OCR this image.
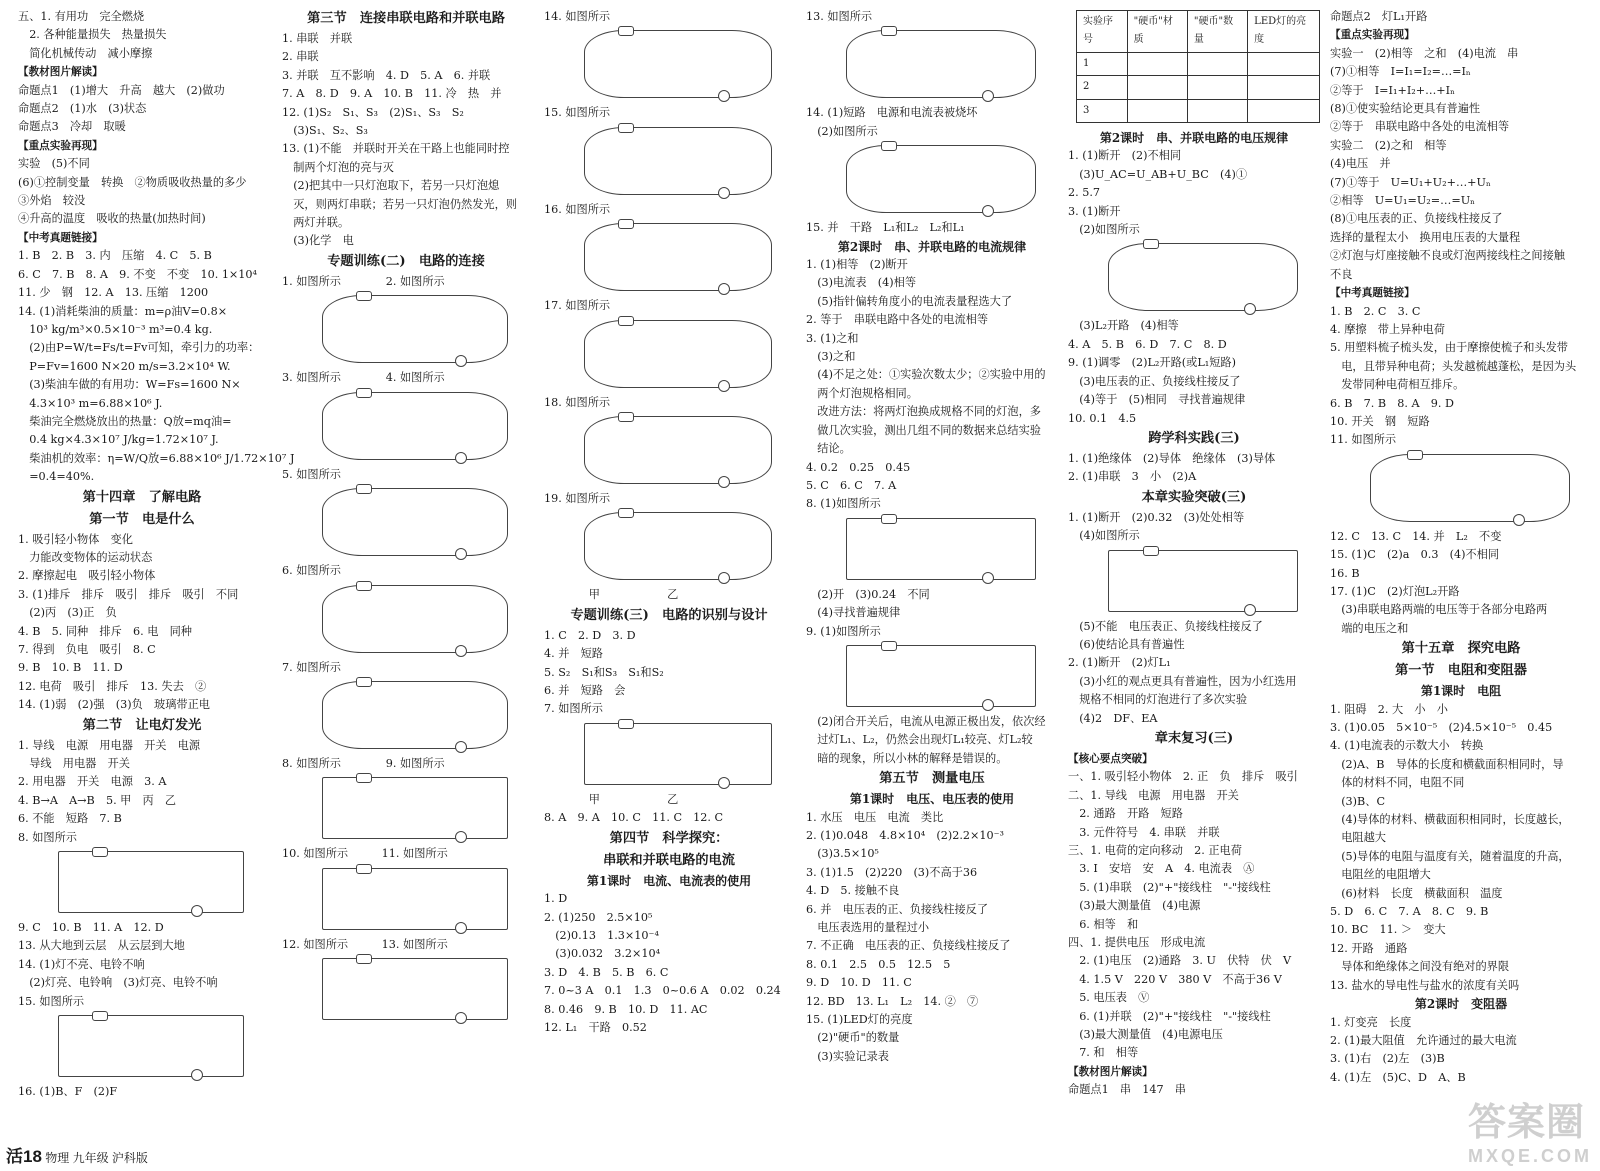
五、1. 有用功　完全燃烧
　2. 各种能量损失　热量损失
　简化机械传动　减小摩擦
【教材图片解读】
命题点1　(1)增大　升高　越大　(2)做功
命题点2　(1)水　(3)状态
命题点3　冷却　取暖
【重点实验再现】
实验　(5)不同
(6)①控制变量　转换　②物质吸收热量的多少
③外焰　较没
④升高的温度　吸收的热量(加热时间)
【中考真题链接】
1. B　2. B　3. 内　压缩　4. C　5. B
6. C　7. B　8. A　9. 不变　不变　10. 1×10⁴
11. 少　钢　12. A　13. 压缩　1200
14. (1)消耗柴油的质量：m=ρ油V=0.8×
　10³ kg/m³×0.5×10⁻³ m³=0.4 kg.
　(2)由P=W/t=Fs/t=Fv可知，牵引力的功率：
　P=Fv=1600 N×20 m/s=3.2×10⁴ W.
　(3)柴油车做的有用功：W=Fs=1600 N×
　4.3×10³ m=6.88×10⁶ J.
　柴油完全燃烧放出的热量：Q放=mq油=
　0.4 kg×4.3×10⁷ J/kg=1.72×10⁷ J.
　柴油机的效率：η=W/Q放=6.88×10⁶ J/1.72×10⁷ J
　=0.4=40%.
第十四章　了解电路
第一节　电是什么
1. 吸引轻小物体　变化
　力能改变物体的运动状态
2. 摩擦起电　吸引轻小物体
3. (1)排斥　排斥　吸引　排斥　吸引　不同
　(2)丙　(3)正　负
4. B　5. 同种　排斥　6. 电　同种
7. 得到　负电　吸引　8. C
9. B　10. B　11. D
12. 电荷　吸引　排斥　13. 失去　②
14. (1)弱　(2)强　(3)负　玻璃带正电
第二节　让电灯发光
1. 导线　电源　用电器　开关　电源
　导线　用电器　开关
2. 用电器　开关　电源　3. A
4. B→A　A→B　5. 甲　丙　乙
6. 不能　短路　7. B
8. 如图所示
9. C　10. B　11. A　12. D
13. 从大地到云层　从云层到大地
14. (1)灯不亮、电铃不响
　(2)灯亮、电铃响　(3)灯亮、电铃不响
15. 如图所示
16. (1)B、F　(2)F
第三节　连接串联电路和并联电路
1. 串联　并联
2. 串联
3. 并联　互不影响　4. D　5. A　6. 并联
7. A　8. D　9. A　10. B　11. 冷　热　并
12. (1)S₂　S₁、S₃　(2)S₁、S₃　S₂
　(3)S₁、S₂、S₃
13. (1)不能　并联时开关在干路上也能同时控
　制两个灯泡的亮与灭
　(2)把其中一只灯泡取下，若另一只灯泡熄
　灭，则两灯串联；若另一只灯泡仍然发光，则
　两灯并联。
　(3)化学　电
专题训练(二)　电路的连接
1. 如图所示　　　　2. 如图所示
3. 如图所示　　　　4. 如图所示
5. 如图所示
6. 如图所示
7. 如图所示
8. 如图所示　　　　9. 如图所示
10. 如图所示　　　11. 如图所示
12. 如图所示　　　13. 如图所示
14. 如图所示
15. 如图所示
16. 如图所示
17. 如图所示
18. 如图所示
19. 如图所示
　　　　甲　　　　　　乙
专题训练(三)　电路的识别与设计
1. C　2. D　3. D
4. 并　短路
5. S₂　S₁和S₃　S₁和S₂
6. 并　短路　会
7. 如图所示
　　　　甲　　　　　　乙
8. A　9. A　10. C　11. C　12. C
第四节　科学探究：
串联和并联电路的电流
第1课时　电流、电流表的使用
1. D
2. (1)250　2.5×10⁵
　(2)0.13　1.3×10⁻⁴
　(3)0.032　3.2×10⁴
3. D　4. B　5. B　6. C
7. 0~3 A　0.1　1.3　0~0.6 A　0.02　0.24
8. 0.46　9. B　10. D　11. AC
12. L₁　干路　0.52
13. 如图所示
14. (1)短路　电源和电流表被烧坏
　(2)如图所示
15. 并　干路　L₁和L₂　L₂和L₁
第2课时　串、并联电路的电流规律
1. (1)相等　(2)断开
　(3)电流表　(4)相等
　(5)指针偏转角度小的电流表量程选大了
2. 等于　串联电路中各处的电流相等
3. (1)之和
　(3)之和
　(4)不足之处：①实验次数太少；②实验中用的
　两个灯泡规格相同。
　改进方法：将两灯泡换成规格不同的灯泡，多
　做几次实验，测出几组不同的数据来总结实验
　结论。
4. 0.2　0.25　0.45
5. C　6. C　7. A
8. (1)如图所示
　(2)开　(3)0.24　不同
　(4)寻找普遍规律
9. (1)如图所示
　(2)闭合开关后，电流从电源正极出发，依次经
　过灯L₁、L₂，仍然会出现灯L₁较亮、灯L₂较
　暗的现象，所以小林的解释是错误的。
第五节　测量电压
第1课时　电压、电压表的使用
1. 水压　电压　电流　类比
2. (1)0.048　4.8×10⁴　(2)2.2×10⁻³
　(3)3.5×10⁵
3. (1)1.5　(2)220　(3)不高于36
4. D　5. 接触不良
6. 并　电压表的正、负接线柱接反了
　电压表选用的量程过小
7. 不正确　电压表的正、负接线柱接反了
8. 0.1　2.5　0.5　12.5　5
9. D　10. D　11. C
12. BD　13. L₁　L₂　14. ②　⑦
15. (1)LED灯的亮度
　(2)"硬币"的数量
　(3)实验记录表
实验序号	"硬币"材质	"硬币"数量	LED灯的亮度
1			
2			
3			
第2课时　串、并联电路的电压规律
1. (1)断开　(2)不相同
　(3)U_AC=U_AB+U_BC　(4)①
2. 5.7
3. (1)断开
　(2)如图所示
　(3)L₂开路　(4)相等
4. A　5. B　6. D　7. C　8. D
9. (1)调零　(2)L₂开路(或L₁短路)
　(3)电压表的正、负接线柱接反了
　(4)等于　(5)相同　寻找普遍规律
10. 0.1　4.5
跨学科实践(三)
1. (1)绝缘体　(2)导体　绝缘体　(3)导体
2. (1)串联　3　小　(2)A
本章实验突破(三)
1. (1)断开　(2)0.32　(3)处处相等
　(4)如图所示
　(5)不能　电压表正、负接线柱接反了
　(6)使结论具有普遍性
2. (1)断开　(2)灯L₁
　(3)小红的观点更具有普遍性，因为小红选用
　规格不相同的灯泡进行了多次实验
　(4)2　DF、EA
章末复习(三)
【核心要点突破】
一、1. 吸引轻小物体　2. 正　负　排斥　吸引
二、1. 导线　电源　用电器　开关
　2. 通路　开路　短路
　3. 元件符号　4. 串联　并联
三、1. 电荷的定向移动　2. 正电荷
　3. I　安培　安　A　4. 电流表　Ⓐ
　5. (1)串联　(2)"+"接线柱　"-"接线柱
　(3)最大测量值　(4)电源
　6. 相等　和
四、1. 提供电压　形成电流
　2. (1)电压　(2)通路　3. U　伏特　伏　V
　4. 1.5 V　220 V　380 V　不高于36 V
　5. 电压表　Ⓥ
　6. (1)并联　(2)"+"接线柱　"-"接线柱
　(3)最大测量值　(4)电源电压
　7. 和　相等
【教材图片解读】
命题点1　串　147　串
命题点2　灯L₁开路
【重点实验再现】
实验一　(2)相等　之和　(4)电流　串
(7)①相等　I=I₁=I₂=…=Iₙ
②等于　I=I₁+I₂+…+Iₙ
(8)①使实验结论更具有普遍性
②等于　串联电路中各处的电流相等
实验二　(2)之和　相等
(4)电压　并
(7)①等于　U=U₁+U₂+…+Uₙ
②相等　U=U₁=U₂=…=Uₙ
(8)①电压表的正、负接线柱接反了
选择的量程太小　换用电压表的大量程
②灯泡与灯座接触不良或灯泡两接线柱之间接触
不良
【中考真题链接】
1. B　2. C　3. C
4. 摩擦　带上异种电荷
5. 用塑料梳子梳头发，由于摩擦使梳子和头发带
　电，且带异种电荷；头发越梳越蓬松，是因为头
　发带同种电荷相互排斥。
6. B　7. B　8. A　9. D
10. 开关　钢　短路
11. 如图所示
12. C　13. C　14. 并　L₂　不变
15. (1)C　(2)a　0.3　(4)不相同
16. B
17. (1)C　(2)灯泡L₂开路
　(3)串联电路两端的电压等于各部分电路两
　端的电压之和
第十五章　探究电路
第一节　电阻和变阻器
第1课时　电阻
1. 阻碍　2. 大　小　小
3. (1)0.05　5×10⁻⁵　(2)4.5×10⁻⁵　0.45
4. (1)电流表的示数大小　转换
　(2)A、B　导体的长度和横截面积相同时，导
　体的材料不同，电阻不同
　(3)B、C
　(4)导体的材料、横截面积相同时，长度越长，
　电阻越大
　(5)导体的电阻与温度有关，随着温度的升高，
　电阻丝的电阻增大
　(6)材料　长度　横截面积　温度
5. D　6. C　7. A　8. C　9. B
10. BC　11. ＞　变大
12. 开路　通路
　导体和绝缘体之间没有绝对的界限
13. 盐水的导电性与盐水的浓度有关吗
第2课时　变阻器
1. 灯变亮　长度
2. (1)最大阻值　允许通过的最大电流
3. (1)右　(2)左　(3)B
4. (1)左　(5)C、D　A、B
活18 物理 九年级 沪科版
答案圈
MXQE.COM
